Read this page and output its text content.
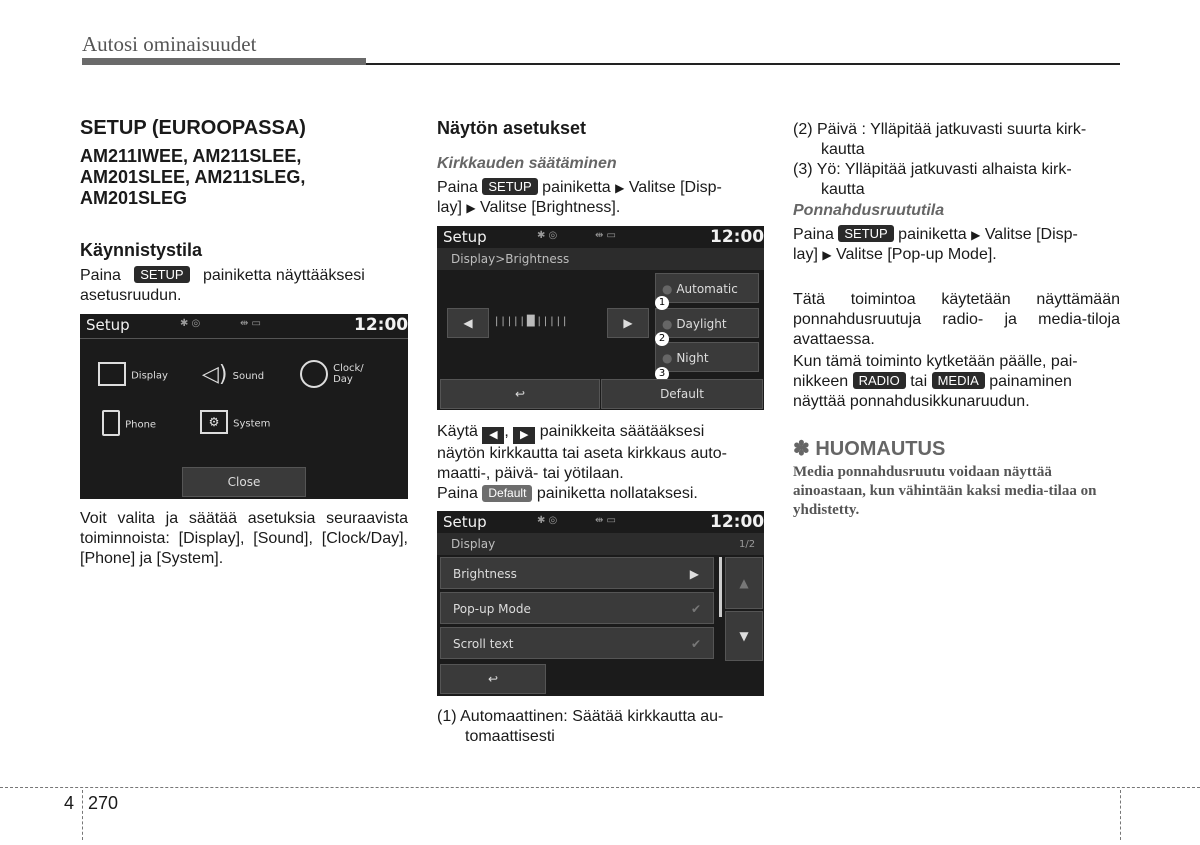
Autosi ominaisuudet
SETUP (EUROOPASSA)
AM211IWEE, AM211SLEE,
AM201SLEE, AM211SLEG,
AM201SLEG
Käynnistystila
Paina SETUP painiketta näyttääksesi
asetusruudun.
Setup	✱ ◎	⇹ ▭	12:00
Display ◁) Sound
Clock/
Day
Phone	⚙ System
Close
Voit valita ja säätää asetuksia seuraavista toiminnoista: [Display], [Sound], [Clock/Day], [Phone] ja [System].
Näytön asetukset
Kirkkauden säätäminen
Paina SETUP painiketta ▶ Valitse [Disp-
lay] ▶ Valitse [Brightness].
Setup	✱ ◎	⇹ ▭	12:00
Display>Brightness
◀	|||||█|||||	▶
● Automatic
● Daylight
● Night
1
2
3
↩	Default
Käytä ◀ , ▶ painikkeita säätääksesi
näytön kirkkautta tai aseta kirkkaus auto-
maatti-, päivä- tai yötilaan.
Paina Default painiketta nollataksesi.
Setup	✱ ◎	⇹ ▭	12:00
Display	1/2
Brightness	▶
Pop-up Mode	✔
Scroll text	✔
▲
▼
↩
(1) Automaattinen: Säätää kirkkautta au-
tomaattisesti
(2) Päivä : Ylläpitää jatkuvasti suurta kirk-
kautta
(3) Yö: Ylläpitää jatkuvasti alhaista kirk-
kautta
Ponnahdusruututila
Paina SETUP painiketta ▶ Valitse [Disp-
lay] ▶ Valitse [Pop-up Mode].
Tätä toimintoa käytetään näyttämään ponnahdusruutuja radio- ja media-tiloja avattaessa.
Kun tämä toiminto kytketään päälle, pai-
nikkeen RADIO tai MEDIA painaminen
näyttää ponnahdusikkunaruudun.
✽ HUOMAUTUS
Media ponnahdusruutu voidaan näyttää ainoastaan, kun vähintään kaksi media-tilaa on yhdistetty.
4 270
